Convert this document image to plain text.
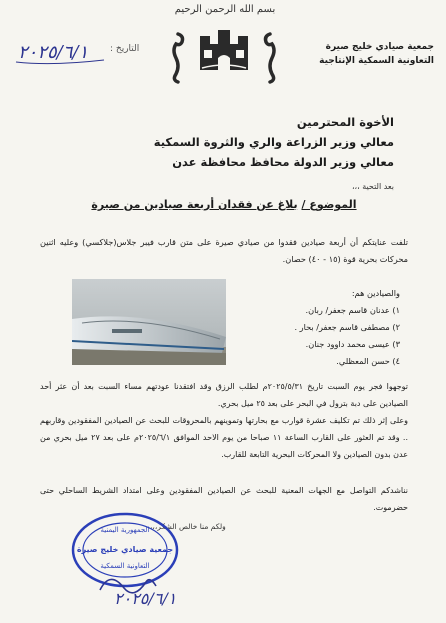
بسم الله الرحمن الرحيم
التاريخ :
٢٠٢٥/٦/١	جمعية صيادي خليج صيرة
التعاونية السمكية الإنتاجية
الأخوة المحترمين
معالي وزير الزراعة والري والثروة السمكية
معالي وزير الدولة محافظ محافظة عدن
بعد التحية ،،،
الموضوع / بلاغ عن فقدان أربعة صيادين من صيرة
تلفت عنايتكم أن أربعة صيادين فقدوا من صيادي صيرة على متن قارب فيبر جلاس(جلاكسي) وعليه اثنين محركات بحرية قوة (١٥ - ٤٠) حصان.
والصيادين هم:
١) عدنان قاسم جعفر/ ربان.
٢) مصطفى قاسم جعفر/ بحار .
٣) عيسى محمد داوود جنان.
٤) حسن المعظلي.
توجهوا فجر يوم السبت تاريخ ٢٠٢٥/٥/٣١م لطلب الرزق وقد افتقدنا عودتهم مساء السبت بعد أن عثر أحد الصيادين على دبة بترول في البحر على بعد ٢٥ ميل بحري.
وعلى إثر ذلك تم تكليف عشرة قوارب مع بحارتها وتموينهم بالمحروقات للبحث عن الصيادين المفقودين وقاربهم .. وقد تم العثور على القارب الساعة ١١ صباحا من يوم الاحد الموافق ٢٠٢٥/٦/١م على بعد ٢٧ ميل بحري من عدن بدون الصيادين ولا المحركات البحرية التابعة للقارب.
نناشدكم التواصل مع الجهات المعنية للبحث عن الصيادين المفقودين وعلى امتداد الشريط الساحلي حتى حضرموت.
ولكم منا خالص الشكر،،،
الجمهورية اليمنية
جمعية صيادي خليج صيرة
التعاونية السمكية
٢٠٢٥/٦/١
